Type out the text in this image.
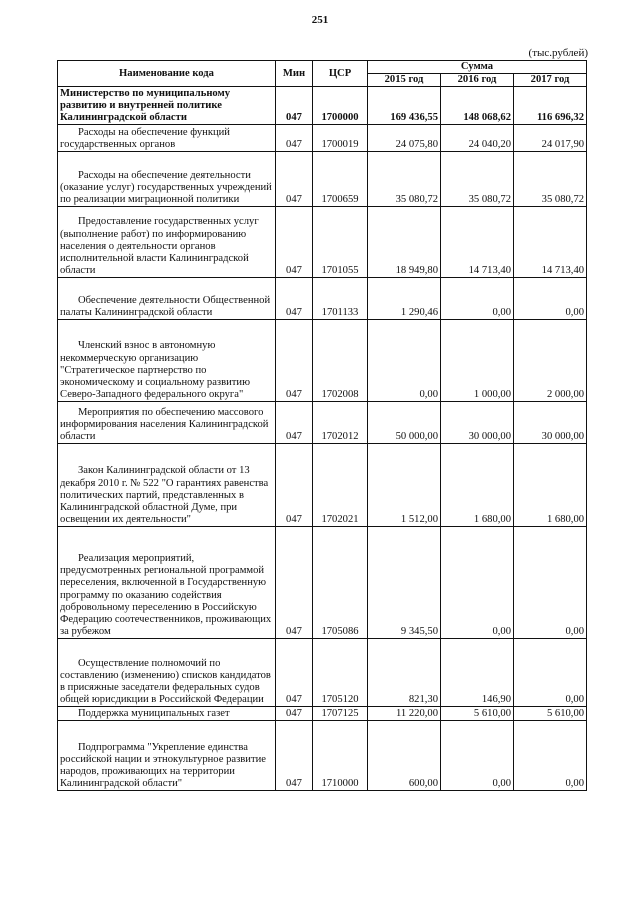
251
(тыс.рублей)
Наименование кода	Мин	ЦСР	Сумма		
			2015 год	2016 год	2017 год
Министерство по муниципальному развитию и внутренней политике Калининградской области	047	1700000	169 436,55	148 068,62	116 696,32
Расходы на обеспечение функций государственных органов	047	1700019	24 075,80	24 040,20	24 017,90
Расходы на обеспечение деятельности (оказание услуг) государственных учреждений по реализации миграционной политики	047	1700659	35 080,72	35 080,72	35 080,72
Предоставление государственных услуг (выполнение работ) по информированию населения о деятельности органов исполнительной власти Калининградской области	047	1701055	18 949,80	14 713,40	14 713,40
Обеспечение деятельности Общественной палаты Калининградской области	047	1701133	1 290,46	0,00	0,00
Членский взнос в автономную некоммерческую организацию "Стратегическое партнерство по экономическому и социальному развитию Северо-Западного федерального округа"	047	1702008	0,00	1 000,00	2 000,00
Мероприятия по обеспечению массового информирования населения Калининградской области	047	1702012	50 000,00	30 000,00	30 000,00
Закон Калининградской области от 13 декабря 2010 г. № 522 "О гарантиях равенства политических партий, представленных в Калининградской областной Думе, при освещении их деятельности"	047	1702021	1 512,00	1 680,00	1 680,00
Реализация мероприятий, предусмотренных региональной программой переселения, включенной в Государственную программу по оказанию содействия добровольному переселению в Российскую Федерацию соотечественников, проживающих за рубежом	047	1705086	9 345,50	0,00	0,00
Осуществление полномочий по составлению (изменению) списков кандидатов в присяжные заседатели федеральных судов общей юрисдикции в Российской Федерации	047	1705120	821,30	146,90	0,00
Поддержка муниципальных газет	047	1707125	11 220,00	5 610,00	5 610,00
Подпрограмма "Укрепление единства российской нации и этнокультурное развитие народов, проживающих на территории Калининградской области"	047	1710000	600,00	0,00	0,00
